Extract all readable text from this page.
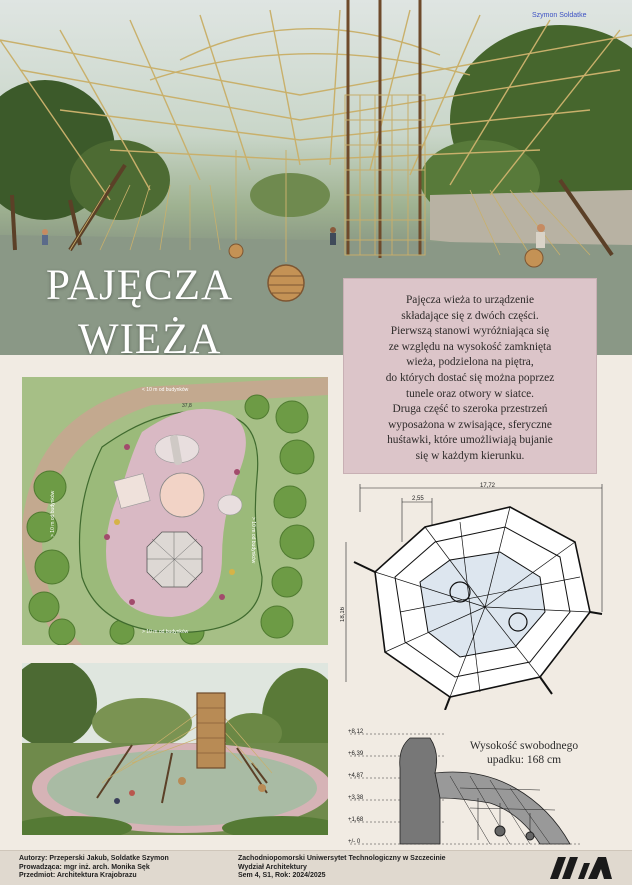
Szymon Soldatke
PAJĘCZA
WIEŻA

Pajęcza wieża to urządzenie

składające się z dwóch części.

Pierwszą stanowi wyróżniająca się

ze względu na wysokość zamknięta

wieża, podzielona na piętra,

do których dostać się można poprzez

tunele oraz otwory w siatce.

Druga część to szeroka przestrzeń

wyposażona w zwisające, sferyczne

huśtawki, które umożliwiają bujanie

się w każdym kierunku.

< 10 m od budynków
37,8
> 10 m od budynków
> 10 m od budynków
> 10 m od budynków
17,72
2,55
18,16
+8,12
+6,39
+4,87
+3,38
+1,68
+/- 0
Wysokość swobodnego upadku: 168 cm
Autorzy: Przeperski Jakub, Soldatke Szymon
Prowadząca: mgr inż. arch. Monika Sęk
Przedmiot: Architektura Krajobrazu
Zachodniopomorski Uniwersytet Technologiczny w Szczecinie
Wydział Architektury
Sem 4, S1, Rok: 2024/2025
